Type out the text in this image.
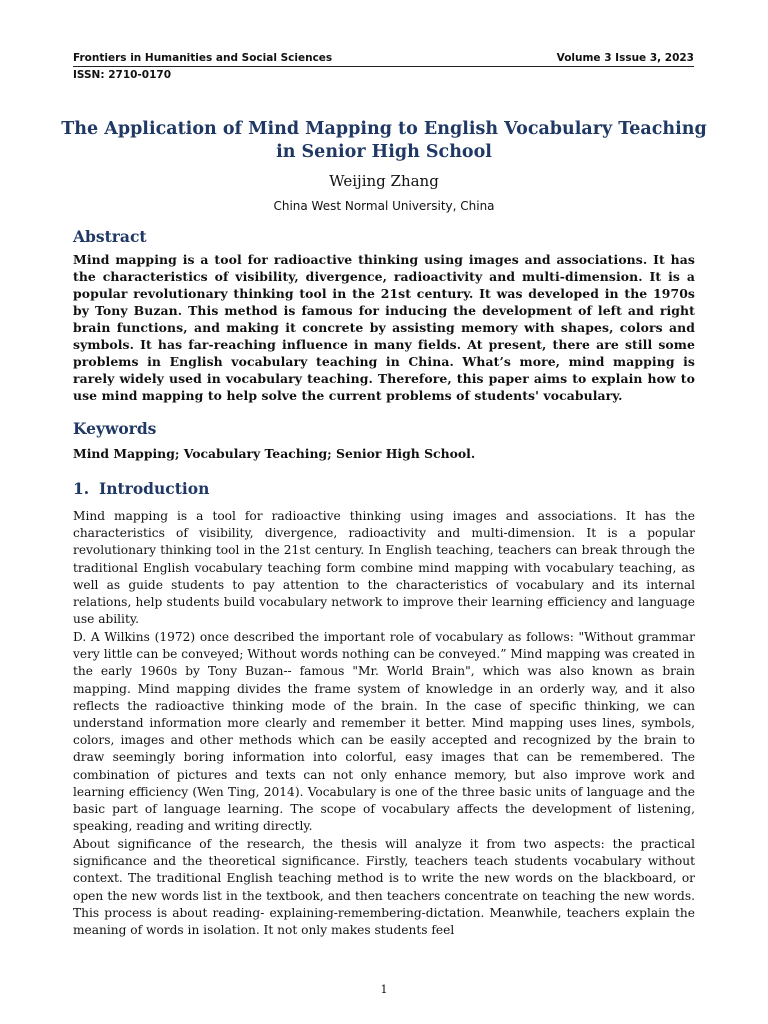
Frontiers in Humanities and Social Sciences	Volume 3 Issue 3, 2023
ISSN: 2710-0170
The Application of Mind Mapping to English Vocabulary Teaching in Senior High School
Weijing Zhang
China West Normal University, China
Abstract
Mind mapping is a tool for radioactive thinking using images and associations. It has the characteristics of visibility, divergence, radioactivity and multi-dimension. It is a popular revolutionary thinking tool in the 21st century. It was developed in the 1970s by Tony Buzan. This method is famous for inducing the development of left and right brain functions, and making it concrete by assisting memory with shapes, colors and symbols. It has far-reaching influence in many fields. At present, there are still some problems in English vocabulary teaching in China. What’s more, mind mapping is rarely widely used in vocabulary teaching. Therefore, this paper aims to explain how to use mind mapping to help solve the current problems of students' vocabulary.
Keywords
Mind Mapping; Vocabulary Teaching; Senior High School.
1. Introduction
Mind mapping is a tool for radioactive thinking using images and associations. It has the characteristics of visibility, divergence, radioactivity and multi-dimension. It is a popular revolutionary thinking tool in the 21st century. In English teaching, teachers can break through the traditional English vocabulary teaching form combine mind mapping with vocabulary teaching, as well as guide students to pay attention to the characteristics of vocabulary and its internal relations, help students build vocabulary network to improve their learning efficiency and language use ability.
D. A Wilkins (1972) once described the important role of vocabulary as follows: "Without grammar very little can be conveyed; Without words nothing can be conveyed.” Mind mapping was created in the early 1960s by Tony Buzan-- famous "Mr. World Brain", which was also known as brain mapping. Mind mapping divides the frame system of knowledge in an orderly way, and it also reflects the radioactive thinking mode of the brain. In the case of specific thinking, we can understand information more clearly and remember it better. Mind mapping uses lines, symbols, colors, images and other methods which can be easily accepted and recognized by the brain to draw seemingly boring information into colorful, easy images that can be remembered. The combination of pictures and texts can not only enhance memory, but also improve work and learning efficiency (Wen Ting, 2014). Vocabulary is one of the three basic units of language and the basic part of language learning. The scope of vocabulary affects the development of listening, speaking, reading and writing directly.
About significance of the research, the thesis will analyze it from two aspects: the practical significance and the theoretical significance. Firstly, teachers teach students vocabulary without context. The traditional English teaching method is to write the new words on the blackboard, or open the new words list in the textbook, and then teachers concentrate on teaching the new words. This process is about reading- explaining-remembering-dictation. Meanwhile, teachers explain the meaning of words in isolation. It not only makes students feel
1
